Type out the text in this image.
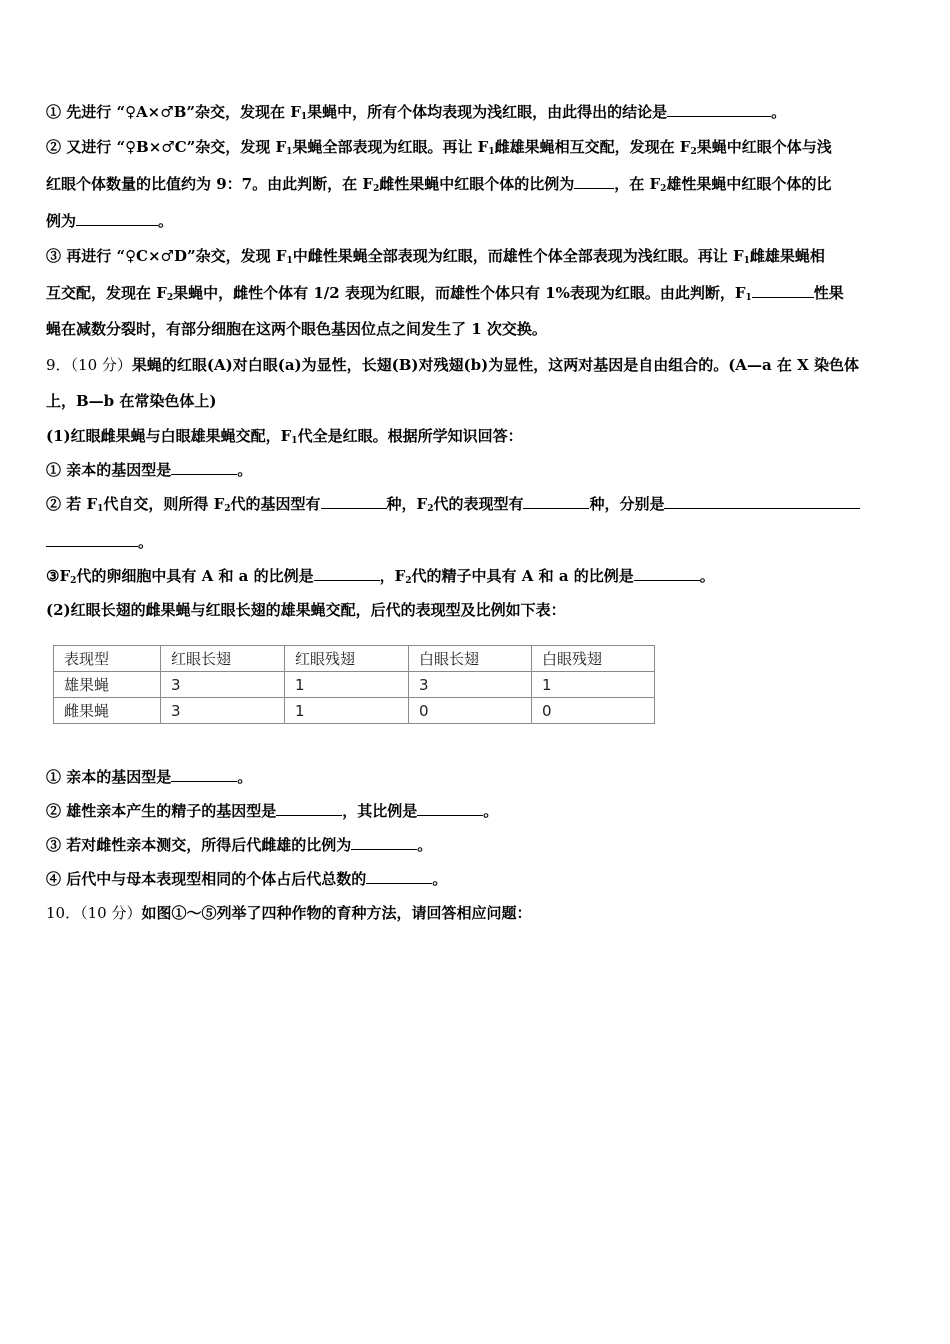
① 先进行 “♀A×♂B”杂交，发现在 $F_1$果蝇中，所有个体均表现为浅红眼，由此得出的结论是	。
② 又进行 “♀B×♂C”杂交，发现 $F_1$果蝇全部表现为红眼。再让 $F_1$雌雄果蝇相互交配，发现在 $F_2$果蝇中红眼个体与浅
红眼个体数量的比值约为 9：7。由此判断，在 $F_2$雌性果蝇中红眼个体的比例为	，在 $F_2$雄性果蝇中红眼个体的比
例为	。
③ 再进行 “♀C×♂D”杂交，发现 $F_1$中雌性果蝇全部表现为红眼，而雄性个体全部表现为浅红眼。再让 $F_1$雌雄果蝇相
互交配，发现在 $F_2$果蝇中，雌性个体有 1/2 表现为红眼，而雄性个体只有 1%表现为红眼。由此判断，$F_1$	性果
蝇在减数分裂时，有部分细胞在这两个眼色基因位点之间发生了 1 次交换。
9．（10 分）果蝇的红眼(A)对白眼(a)为显性，长翅(B)对残翅(b)为显性，这两对基因是自由组合的。(A—a 在 X 染色体
上，B—b 在常染色体上)
(1)红眼雌果蝇与白眼雄果蝇交配，$F_1$代全是红眼。根据所学知识回答：
① 亲本的基因型是	。
② 若 $F_1$代自交，则所得 $F_2$代的基因型有	种，$F_2$代的表现型有	种，分别是
。
$③F_2$代的卵细胞中具有 A 和 a 的比例是	，$F_2$代的精子中具有 A 和 a 的比例是	。
(2)红眼长翅的雌果蝇与红眼长翅的雄果蝇交配，后代的表现型及比例如下表：
表现型	红眼长翅	红眼残翅	白眼长翅	白眼残翅
雄果蝇	3	1	3	1
雌果蝇	3	1	0	0
① 亲本的基因型是	。
② 雄性亲本产生的精子的基因型是	，其比例是	。
③ 若对雌性亲本测交，所得后代雌雄的比例为	。
④ 后代中与母本表现型相同的个体占后代总数的	。
10．（10 分）如图①～⑤列举了四种作物的育种方法，请回答相应问题：
